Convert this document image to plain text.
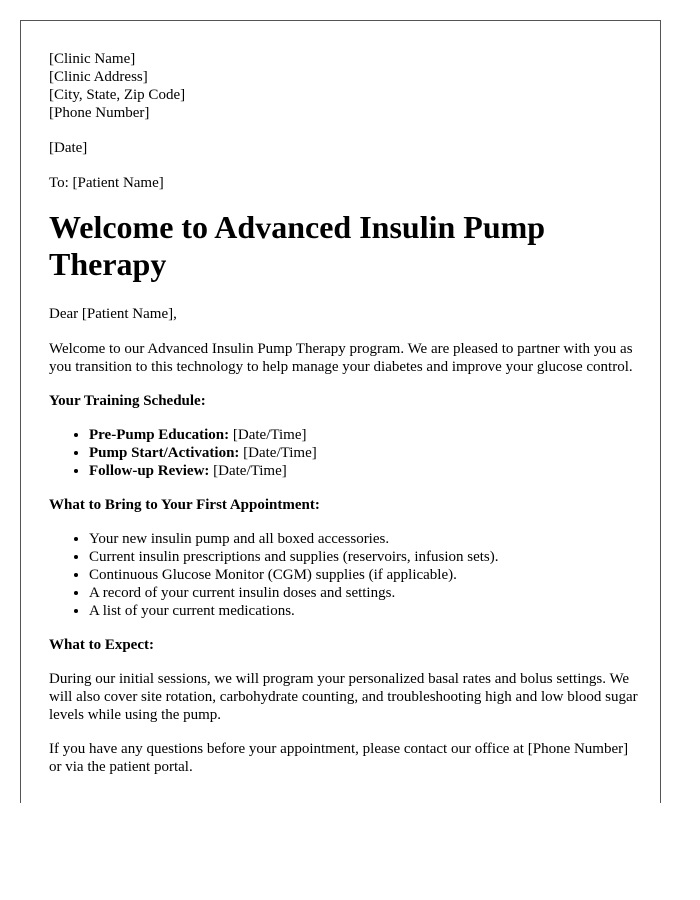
[Clinic Name]
[Clinic Address]
[City, State, Zip Code]
[Phone Number]

[Date]

To: [Patient Name]

Welcome to Advanced Insulin Pump Therapy

Dear [Patient Name],

Welcome to our Advanced Insulin Pump Therapy program. We are pleased to partner with you as you transition to this technology to help manage your diabetes and improve your glucose control.

Your Training Schedule:

• Pre-Pump Education: [Date/Time]
• Pump Start/Activation: [Date/Time]
• Follow-up Review: [Date/Time]

What to Bring to Your First Appointment:

• Your new insulin pump and all boxed accessories.
• Current insulin prescriptions and supplies (reservoirs, infusion sets).
• Continuous Glucose Monitor (CGM) supplies (if applicable).
• A record of your current insulin doses and settings.
• A list of your current medications.

What to Expect:

During our initial sessions, we will program your personalized basal rates and bolus settings. We will also cover site rotation, carbohydrate counting, and troubleshooting high and low blood sugar levels while using the pump.

If you have any questions before your appointment, please contact our office at [Phone Number] or via the patient portal.
